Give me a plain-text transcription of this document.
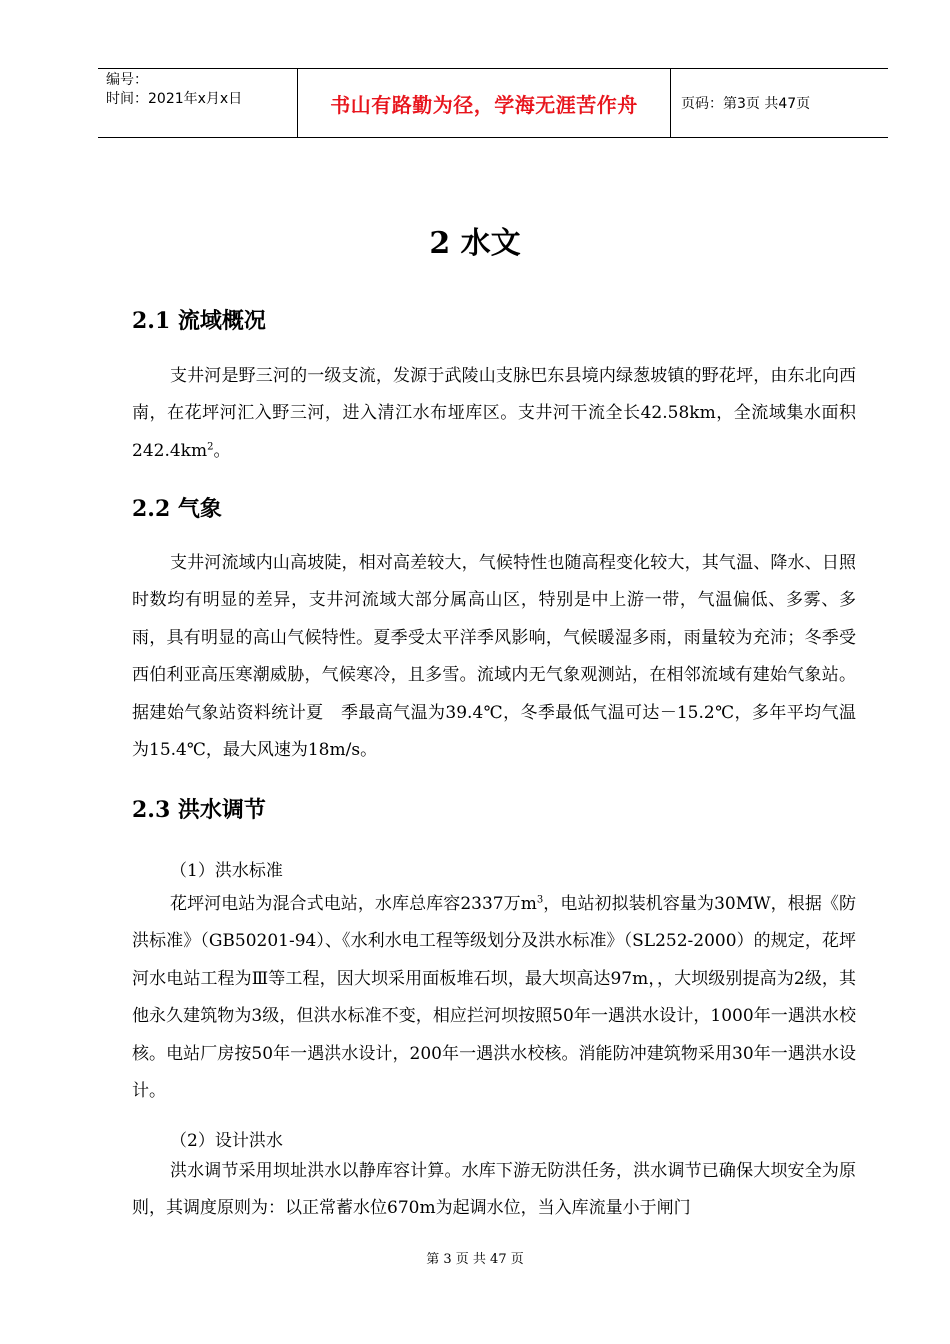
编号：
时间：2021年x月x日	书山有路勤为径，学海无涯苦作舟	页码：第3页 共47页
2 水文
2.1 流域概况

支井河是野三河的一级支流，发源于武陵山支脉巴东县境内绿葱坡镇的野花坪，由东北向西南，在花坪河汇入野三河，进入清江水布垭库区。支井河干流全长42.58km，全流域集水面积$242.4km^2$。

2.2 气象

支井河流域内山高坡陡，相对高差较大，气候特性也随高程变化较大，其气温、降水、日照时数均有明显的差异，支井河流域大部分属高山区，特别是中上游一带，气温偏低、多雾、多雨，具有明显的高山气候特性。夏季受太平洋季风影响，气候暖湿多雨，雨量较为充沛；冬季受西伯利亚高压寒潮威胁，气候寒冷，且多雪。流域内无气象观测站，在相邻流域有建始气象站。据建始气象站资料统计夏　季最高气温为39.4℃，冬季最低气温可达－15.2℃，多年平均气温为15.4℃，最大风速为18m/s。

2.3 洪水调节
（1）洪水标准

花坪河电站为混合式电站，水库总库容2337万$m^3$，电站初拟装机容量为30MW，根据《防洪标准》（GB50201-94）、《水利水电工程等级划分及洪水标准》（SL252-2000）的规定，花坪河水电站工程为Ⅲ等工程，因大坝采用面板堆石坝，最大坝高达97m，，大坝级别提高为2级，其他永久建筑物为3级，但洪水标准不变，相应拦河坝按照50年一遇洪水设计，1000年一遇洪水校核。电站厂房按50年一遇洪水设计，200年一遇洪水校核。消能防冲建筑物采用30年一遇洪水设计。

（2）设计洪水

洪水调节采用坝址洪水以静库容计算。水库下游无防洪任务，洪水调节已确保大坝安全为原则，其调度原则为：以正常蓄水位670m为起调水位，当入库流量小于闸门

第 3 页 共 47 页
